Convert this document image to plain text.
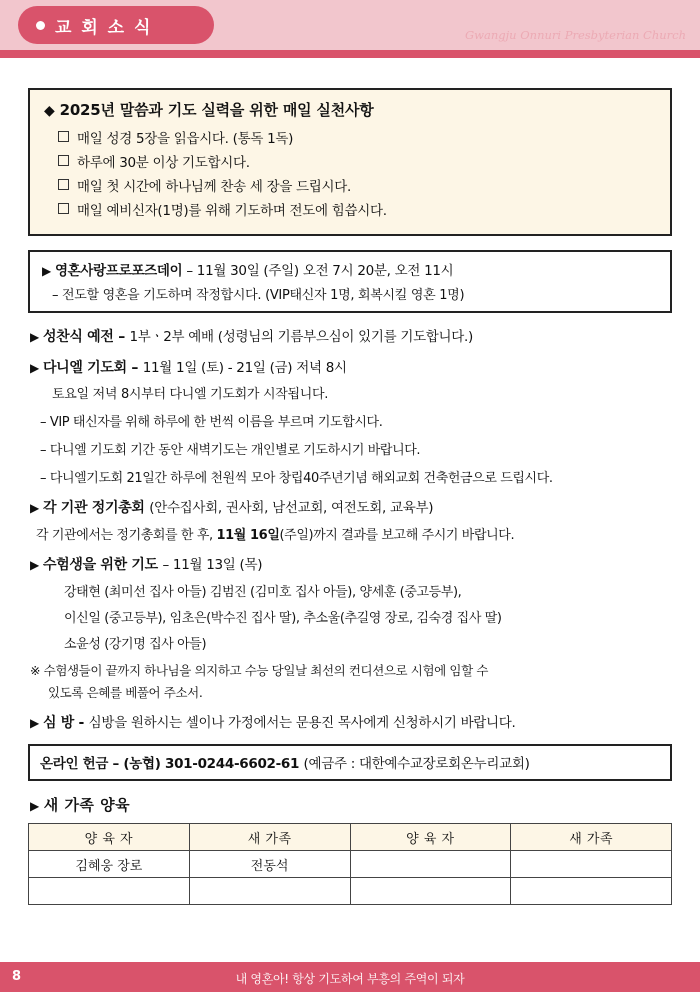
교 회 소 식	Gwangju Onnuri Presbyterian Church
◆ 2025년 말씀과 기도 실력을 위한 매일 실천사항
매일 성경 5장을 읽읍시다. (통독 1독)
하루에 30분 이상 기도합시다.
매일 첫 시간에 하나님께 찬송 세 장을 드립시다.
매일 예비신자(1명)를 위해 기도하며 전도에 힘씁시다.
▶ 영혼사랑프로포즈데이 – 11월 30일 (주일) 오전 7시 20분, 오전 11시
– 전도할 영혼을 기도하며 작정합시다. (VIP태신자 1명, 회복시킬 영혼 1명)
▶ 성찬식 예전 – 1부ㆍ2부 예배 (성령님의 기름부으심이 있기를 기도합니다.)
▶ 다니엘 기도회 – 11월 1일 (토) - 21일 (금) 저녁 8시
토요일 저녁 8시부터 다니엘 기도회가 시작됩니다.
– VIP 태신자를 위해 하루에 한 번씩 이름을 부르며 기도합시다.
– 다니엘 기도회 기간 동안 새벽기도는 개인별로 기도하시기 바랍니다.
– 다니엘기도회 21일간 하루에 천원씩 모아 창립40주년기념 해외교회 건축헌금으로 드립시다.
▶ 각 기관 정기총회 (안수집사회, 권사회, 남선교회, 여전도회, 교육부)
각 기관에서는 정기총회를 한 후, 11월 16일(주일)까지 결과를 보고해 주시기 바랍니다.
▶ 수험생을 위한 기도 – 11월 13일 (목)
강태현 (최미선 집사 아들) 김범진 (김미호 집사 아들), 양세훈 (중고등부),
이신일 (중고등부), 임초은(박수진 집사 딸), 추소울(추길영 장로, 김숙경 집사 딸)
소윤성 (강기명 집사 아들)
※ 수험생들이 끝까지 하나님을 의지하고 수능 당일날 최선의 컨디션으로 시험에 임할 수
있도록 은혜를 베풀어 주소서.
▶ 심 방 - 심방을 원하시는 셀이나 가정에서는 문용진 목사에게 신청하시기 바랍니다.
온라인 헌금 – (농협) 301-0244-6602-61 (예금주 : 대한예수교장로회온누리교회)
▶ 새 가족 양육
양 육 자	새 가족	양 육 자	새 가족
김혜웅 장로	전동석		

8	내 영혼아! 항상 기도하여 부흥의 주역이 되자
